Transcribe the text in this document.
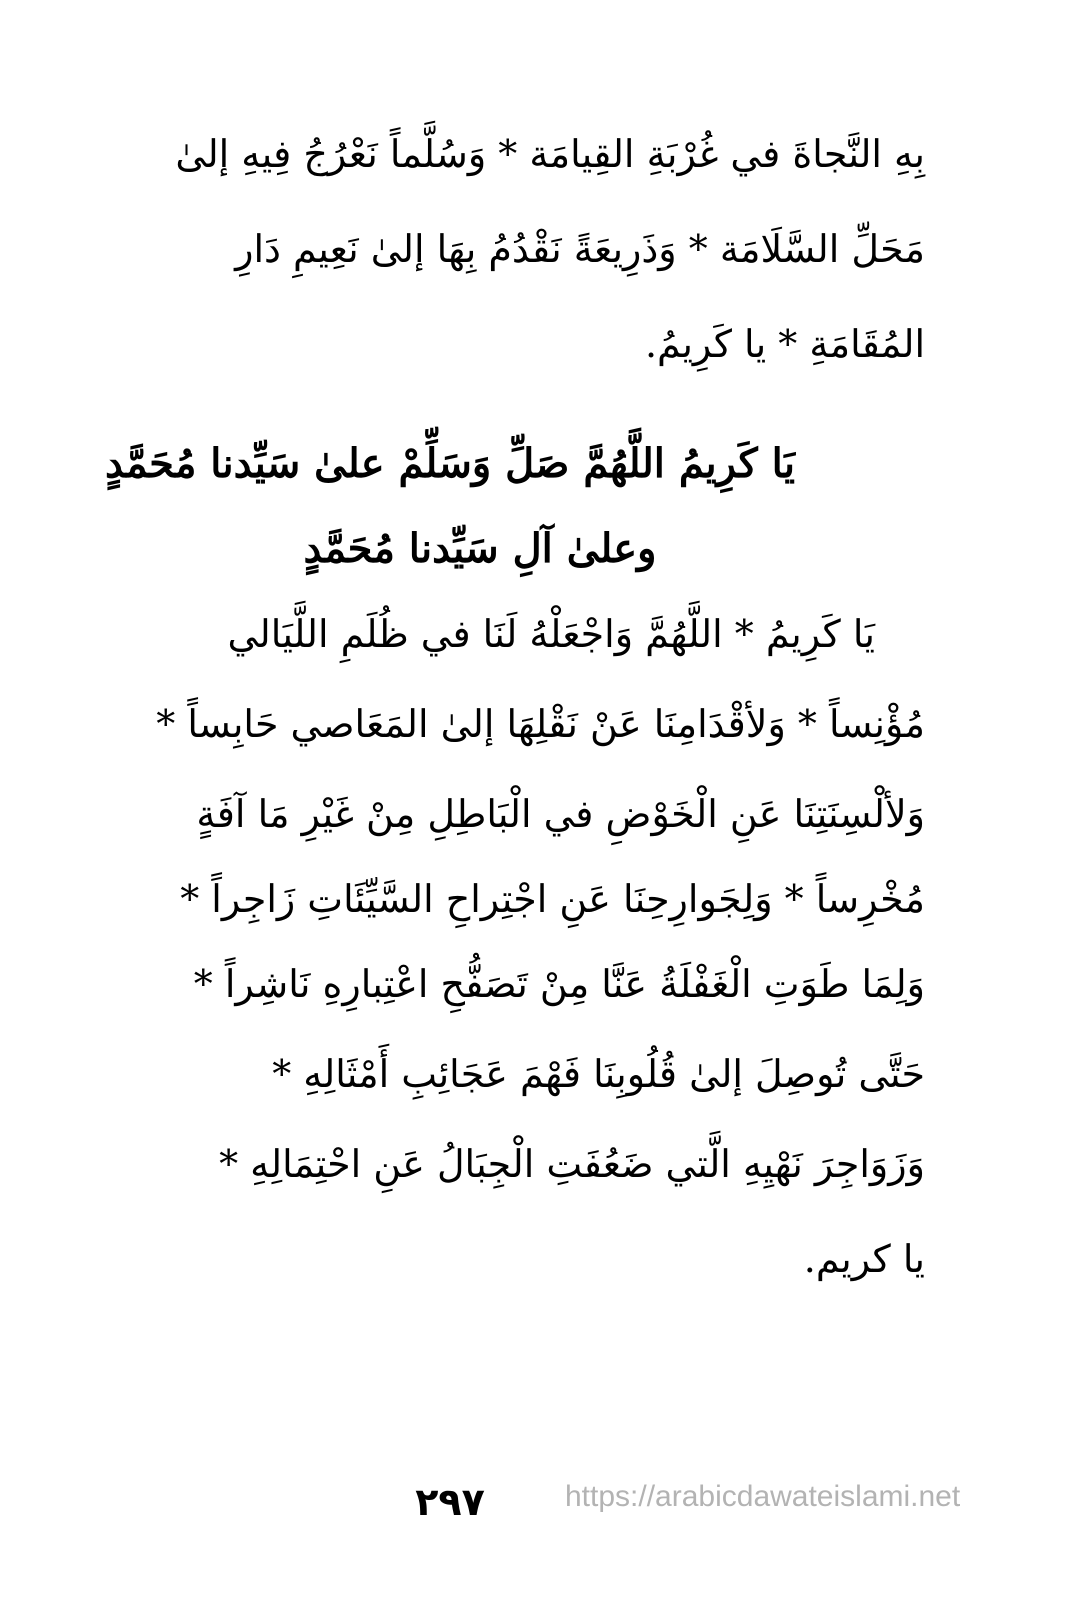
بِهِ النَّجاةَ في غُرْبَةِ القِيامَة * وَسُلَّماً نَعْرُجُ فِيهِ إلىٰ
مَحَلِّ السَّلَامَة * وَذَرِيعَةً نَقْدُمُ بِهَا إلىٰ نَعِيمِ دَارِ
المُقَامَةِ * يا كَرِيمُ.
يَا كَرِيمُ اللَّهُمَّ صَلِّ وَسَلِّمْ علىٰ سَيِّدنا مُحَمَّدٍ
وعلىٰ آلِ سَيِّدنا مُحَمَّدٍ
يَا كَرِيمُ * اللَّهُمَّ وَاجْعَلْهُ لَنَا في ظُلَمِ اللَّيَالي
مُؤْنِساً * وَلأقْدَامِنَا عَنْ نَقْلِهَا إلىٰ المَعَاصي حَابِساً *
وَلألْسِنَتِنَا عَنِ الْخَوْضِ في الْبَاطِلِ مِنْ غَيْرِ مَا آفَةٍ
مُخْرِساً * وَلِجَوارِحِنَا عَنِ اجْتِراحِ السَّيِّئَاتِ زَاجِراً *
وَلِمَا طَوَتِ الْغَفْلَةُ عَنَّا مِنْ تَصَفُّحِ اعْتِبارِهِ نَاشِراً *
حَتَّى تُوصِلَ إلىٰ قُلُوبِنَا فَهْمَ عَجَائِبِ أَمْثَالِهِ *
وَزَوَاجِرَ نَهْيِهِ الَّتي ضَعُفَتِ الْجِبَالُ عَنِ احْتِمَالِهِ *
يا كريم.
٢٩٧	https://arabicdawateislami.net
